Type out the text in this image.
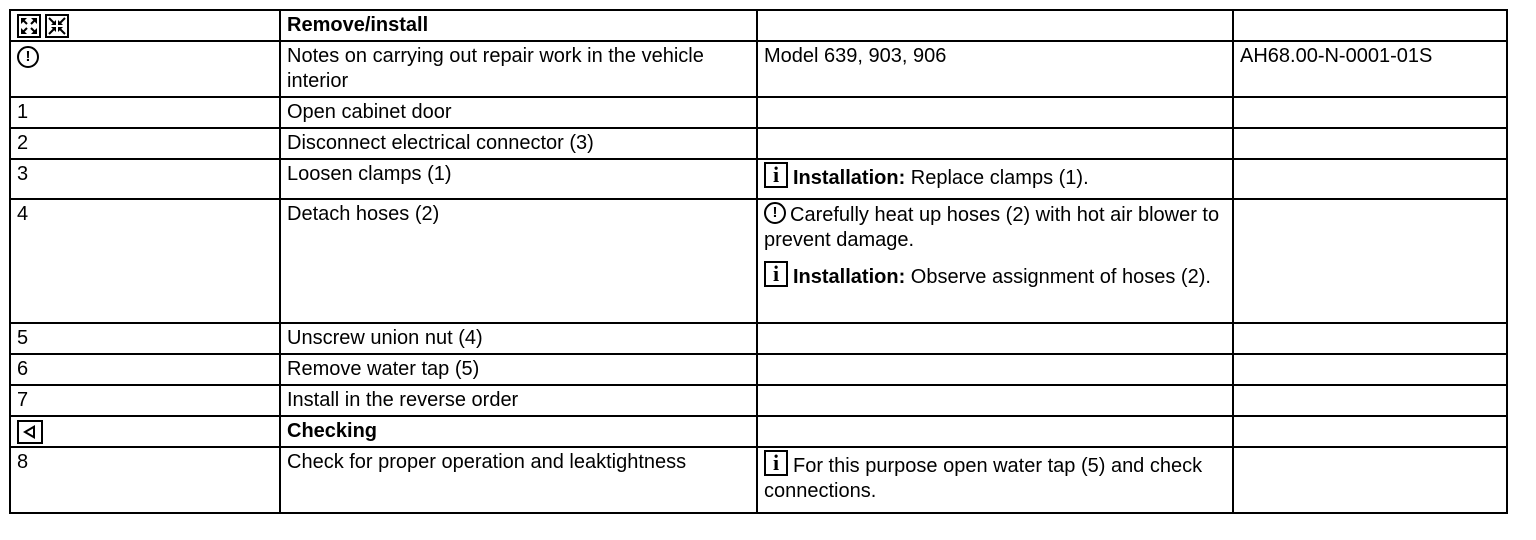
	Remove/install		

!	Notes on carrying out repair work in the vehicle interior	Model 639, 903, 906	AH68.00-N-0001-01S
1	Open cabinet door		
2	Disconnect electrical connector (3)		
3	Loosen clamps (1)	i Installation: Replace clamps (1).	
4	Detach hoses (2)	! Carefully heat up hoses (2) with hot air blower to prevent damage.
i Installation: Observe assignment of hoses (2).	

5	Unscrew union nut (4)		
6	Remove water tap (5)		
7	Install in the reverse order		

	Checking		
8	Check for proper operation and leaktightness	i For this purpose open water tap (5) and check connections.	
